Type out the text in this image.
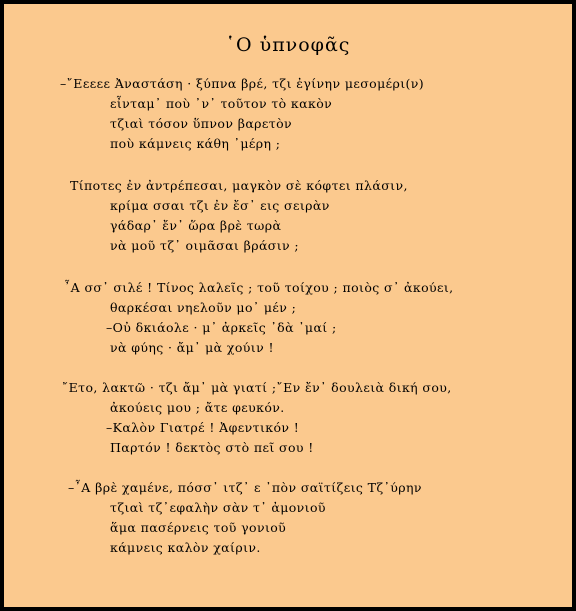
῾Ο ὑπνοφᾶς
–῎Εεεεε Ἀναστάση · ξύπνα βρέ, τζι ἐγίνην μεσομέρι(ν)
εἶνταμ᾽ ποὺ ᾽ν᾽ τοῦτον τὸ κακὸν
τζιαὶ τόσον ὕπνον βαρετὸν
ποὺ κάμνεις κάθη ᾽μέρη ;
Τίποτες ἐν ἀντρέπεσαι, μαγκὸν σὲ κόφτει πλάσιν,
κρίμα σσαι τζι ἐν ἔσ᾽ εις σειρὰν
γάδαρ᾽ ἔν᾽ ὥρα βρὲ τωρὰ
νὰ μοῦ τζ᾽ οιμᾶσαι βράσιν ;
῏Α σσ᾽ σιλέ ! Τίνος λαλεῖς ; τοῦ τοίχου ; ποιὸς σ᾽ ἀκούει,
θαρκέσαι νηελοῦν μο᾽ μέν ;
–Οὐ δκιάολε · μ᾽ ἀρκεῖς ᾽δὰ ᾽μαί ;
νὰ φύης · ἄμ᾽ μὰ χούιν !
῎Ετο, λακτῶ · τζι ἄμ᾽ μὰ γιατί ;῎Εν ἔν᾽ δουλειὰ δική σου,
ἀκούεις μου ; ἄτε φευκόν.
–Καλὸν Γιατρέ ! Ἀφεντικόν !
Παρτόν ! δεκτὸς στὸ πεῖ σου !
–῏Α βρὲ χαμένε, πόσσ᾽ ιτζ᾽ ε ᾽πὸν σαϊτίζεις Τζ᾽ύρην
τζιαὶ τζ᾽εφαλὴν σὰν τ᾽ ἀμονιοῦ
ἅμα πασέρνεις τοῦ γονιοῦ
κάμνεις καλὸν χαίριν.
